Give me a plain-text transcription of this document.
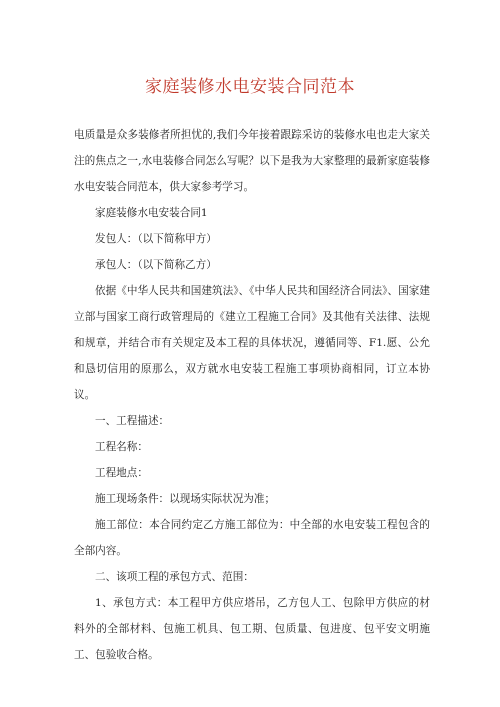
家庭装修水电安装合同范本

电质量是众多装修者所担忧的,我们今年接着跟踪采访的装修水电也走大家关注的焦点之一,水电装修合同怎么写呢？以下是我为大家整理的最新家庭装修水电安装合同范本，供大家参考学习。

家庭装修水电安装合同1

发包人：（以下简称甲方）

承包人：（以下简称乙方）

依据《中华人民共和国建筑法》、《中华人民共和国经济合同法》、国家建立部与国家工商行政管理局的《建立工程施工合同》及其他有关法律、法规和规章，并结合市有关规定及本工程的具体状况，遵循同等、F1.愿、公允和恳切信用的原那么，双方就水电安装工程施工事项协商相同，订立本协议。

一、工程描述：

工程名称：

工程地点：

施工现场条件：以现场实际状况为准；

施工部位：本合同约定乙方施工部位为：中全部的水电安装工程包含的全部内容。

二、该项工程的承包方式、范围：

1、承包方式：本工程甲方供应塔吊，乙方包人工、包除甲方供应的材料外的全部材料、包施工机具、包工期、包质量、包进度、包平安文明施工、包验收合格。
